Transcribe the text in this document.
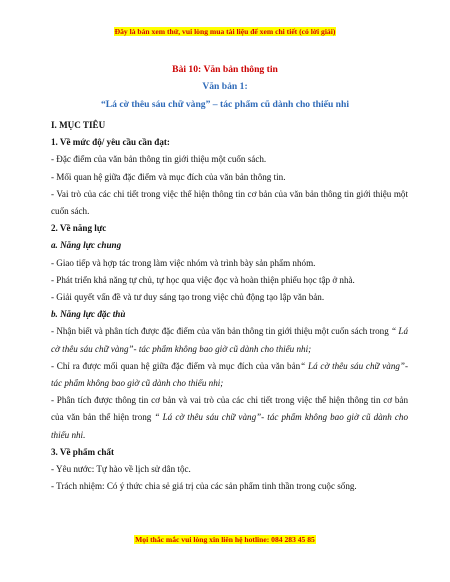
Đây là bản xem thử, vui lòng mua tài liệu để xem chi tiết (có lời giải)
Bài 10: Văn bản thông tin
Văn bản 1:
“Lá cờ thêu sáu chữ vàng” – tác phẩm cũ dành cho thiếu nhi

I. MỤC TIÊU

1. Về mức độ/ yêu cầu cần đạt:

- Đặc điểm của văn bản thông tin giới thiệu một cuốn sách.

- Mối quan hệ giữa đặc điểm và mục đích của văn bản thông tin.

- Vai trò của các chi tiết trong việc thể hiện thông tin cơ bản của văn bản thông tin giới thiệu một cuốn sách.

2. Về năng lực

a. Năng lực chung

- Giao tiếp và hợp tác trong làm việc nhóm và trình bày sản phẩm nhóm.

- Phát triển khả năng tự chủ, tự học qua việc đọc và hoàn thiện phiếu học tập ở nhà.

- Giải quyết vấn đề và tư duy sáng tạo trong việc chủ động tạo lập văn bản.

b. Năng lực đặc thù

- Nhận biết và phân tích được đặc điểm của văn bản thông tin giới thiệu một cuốn sách trong “ Lá cờ thêu sáu chữ vàng”- tác phẩm không bao giờ cũ dành cho thiếu nhi;

- Chỉ ra được mối quan hệ giữa đặc điểm và mục đích của văn bản“ Lá cờ thêu sáu chữ vàng”- tác phẩm không bao giờ cũ dành cho thiếu nhi;

- Phân tích được thông tin cơ bản và vai trò của các chi tiết trong việc thể hiện thông tin cơ bản của văn bản thể hiện trong “ Lá cờ thêu sáu chữ vàng”- tác phẩm không bao giờ cũ dành cho thiếu nhi.

3. Về phẩm chất

- Yêu nước: Tự hào về lịch sử dân tộc.

- Trách nhiệm: Có ý thức chia sẻ giá trị của các sản phẩm tinh thần trong cuộc sống.

Mọi thắc mắc vui lòng xin liên hệ hotline: 084 283 45 85
